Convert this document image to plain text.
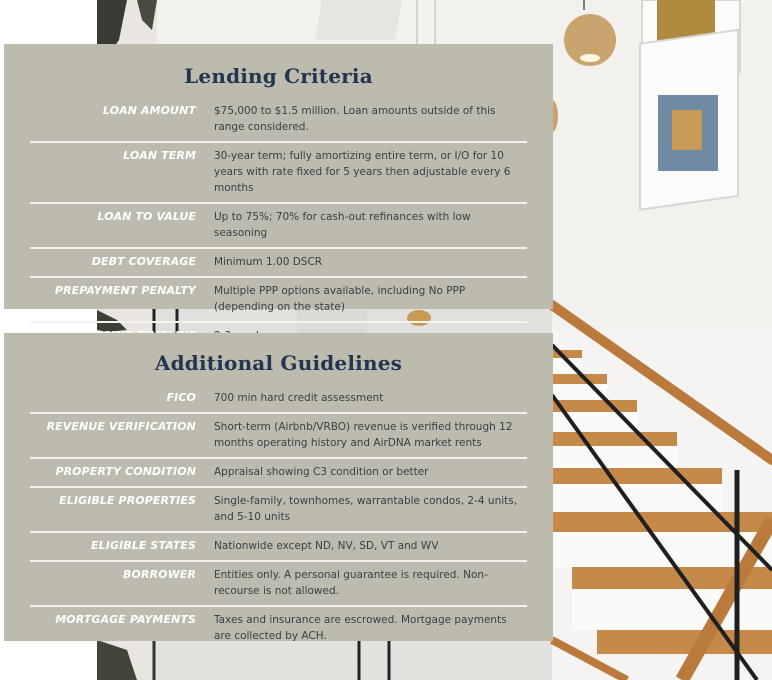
Lending Criteria
LOAN AMOUNT $75,000 to $1.5 million. Loan amounts outside of this range considered.
LOAN TERM 30-year term; fully amortizing entire term, or I/O for 10 years with rate fixed for 5 years then adjustable every 6 months
LOAN TO VALUE Up to 75%; 70% for cash-out refinances with low seasoning
DEBT COVERAGE Minimum 1.00 DSCR
PREPAYMENT PENALTY Multiple PPP options available, including No PPP (depending on the state)
Additional Guidelines
FICO 700 min hard credit assessment
REVENUE VERIFICATION Short-term (Airbnb/VRBO) revenue is verified through 12 months operating history and AirDNA market rents
PROPERTY CONDITION Appraisal showing C3 condition or better
ELIGIBLE PROPERTIES Single-family, townhomes, warrantable condos, 2-4 units, and 5-10 units
ELIGIBLE STATES Nationwide except ND, NV, SD, VT and WV
BORROWER Entities only. A personal guarantee is required. Non-recourse is not allowed.
MORTGAGE PAYMENTS Taxes and insurance are escrowed. Mortgage payments are collected by ACH.
